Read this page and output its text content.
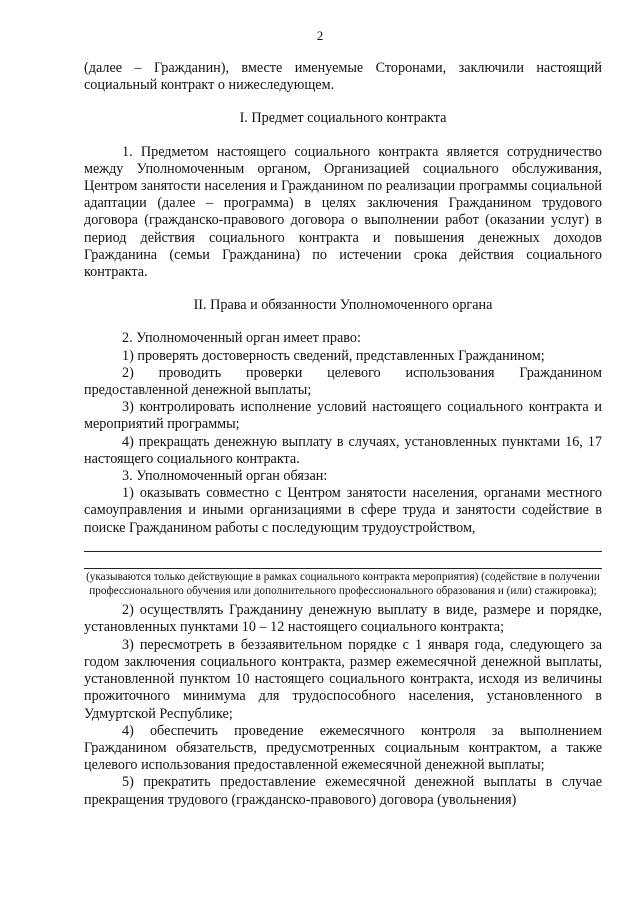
2

(далее – Гражданин), вместе именуемые Сторонами, заключили настоящий социальный контракт о нижеследующем.

I. Предмет социального контракта

1. Предметом настоящего социального контракта является сотрудничество между Уполномоченным органом, Организацией социального обслуживания, Центром занятости населения и Гражданином по реализации программы социальной адаптации (далее – программа) в целях заключения Гражданином трудового договора (гражданско-правового договора о выполнении работ (оказании услуг) в период действия социального контракта и повышения денежных доходов Гражданина (семьи Гражданина) по истечении срока действия социального контракта.

II. Права и обязанности Уполномоченного органа

2. Уполномоченный орган имеет право:

1) проверять достоверность сведений, представленных Гражданином;

2) проводить проверки целевого использования Гражданином предоставленной денежной выплаты;

3) контролировать исполнение условий настоящего социального контракта и мероприятий программы;

4) прекращать денежную выплату в случаях, установленных пунктами 16, 17 настоящего социального контракта.

3. Уполномоченный орган обязан:

1) оказывать совместно с Центром занятости населения, органами местного самоуправления и иными организациями в сфере труда и занятости содействие в поиске Гражданином работы с последующим трудоустройством,

(указываются только действующие в рамках социального контракта мероприятия) (содействие в получении профессионального обучения или дополнительного профессионального образования и (или) стажировка);

2) осуществлять Гражданину денежную выплату в виде, размере и порядке, установленных пунктами 10 – 12 настоящего социального контракта;

3) пересмотреть в беззаявительном порядке с 1 января года, следующего за годом заключения социального контракта, размер ежемесячной денежной выплаты, установленной пунктом 10 настоящего социального контракта, исходя из величины прожиточного минимума для трудоспособного населения, установленного в Удмуртской Республике;

4) обеспечить проведение ежемесячного контроля за выполнением Гражданином обязательств, предусмотренных социальным контрактом, а также целевого использования предоставленной ежемесячной денежной выплаты;

5) прекратить предоставление ежемесячной денежной выплаты в случае прекращения трудового (гражданско-правового) договора (увольнения)
